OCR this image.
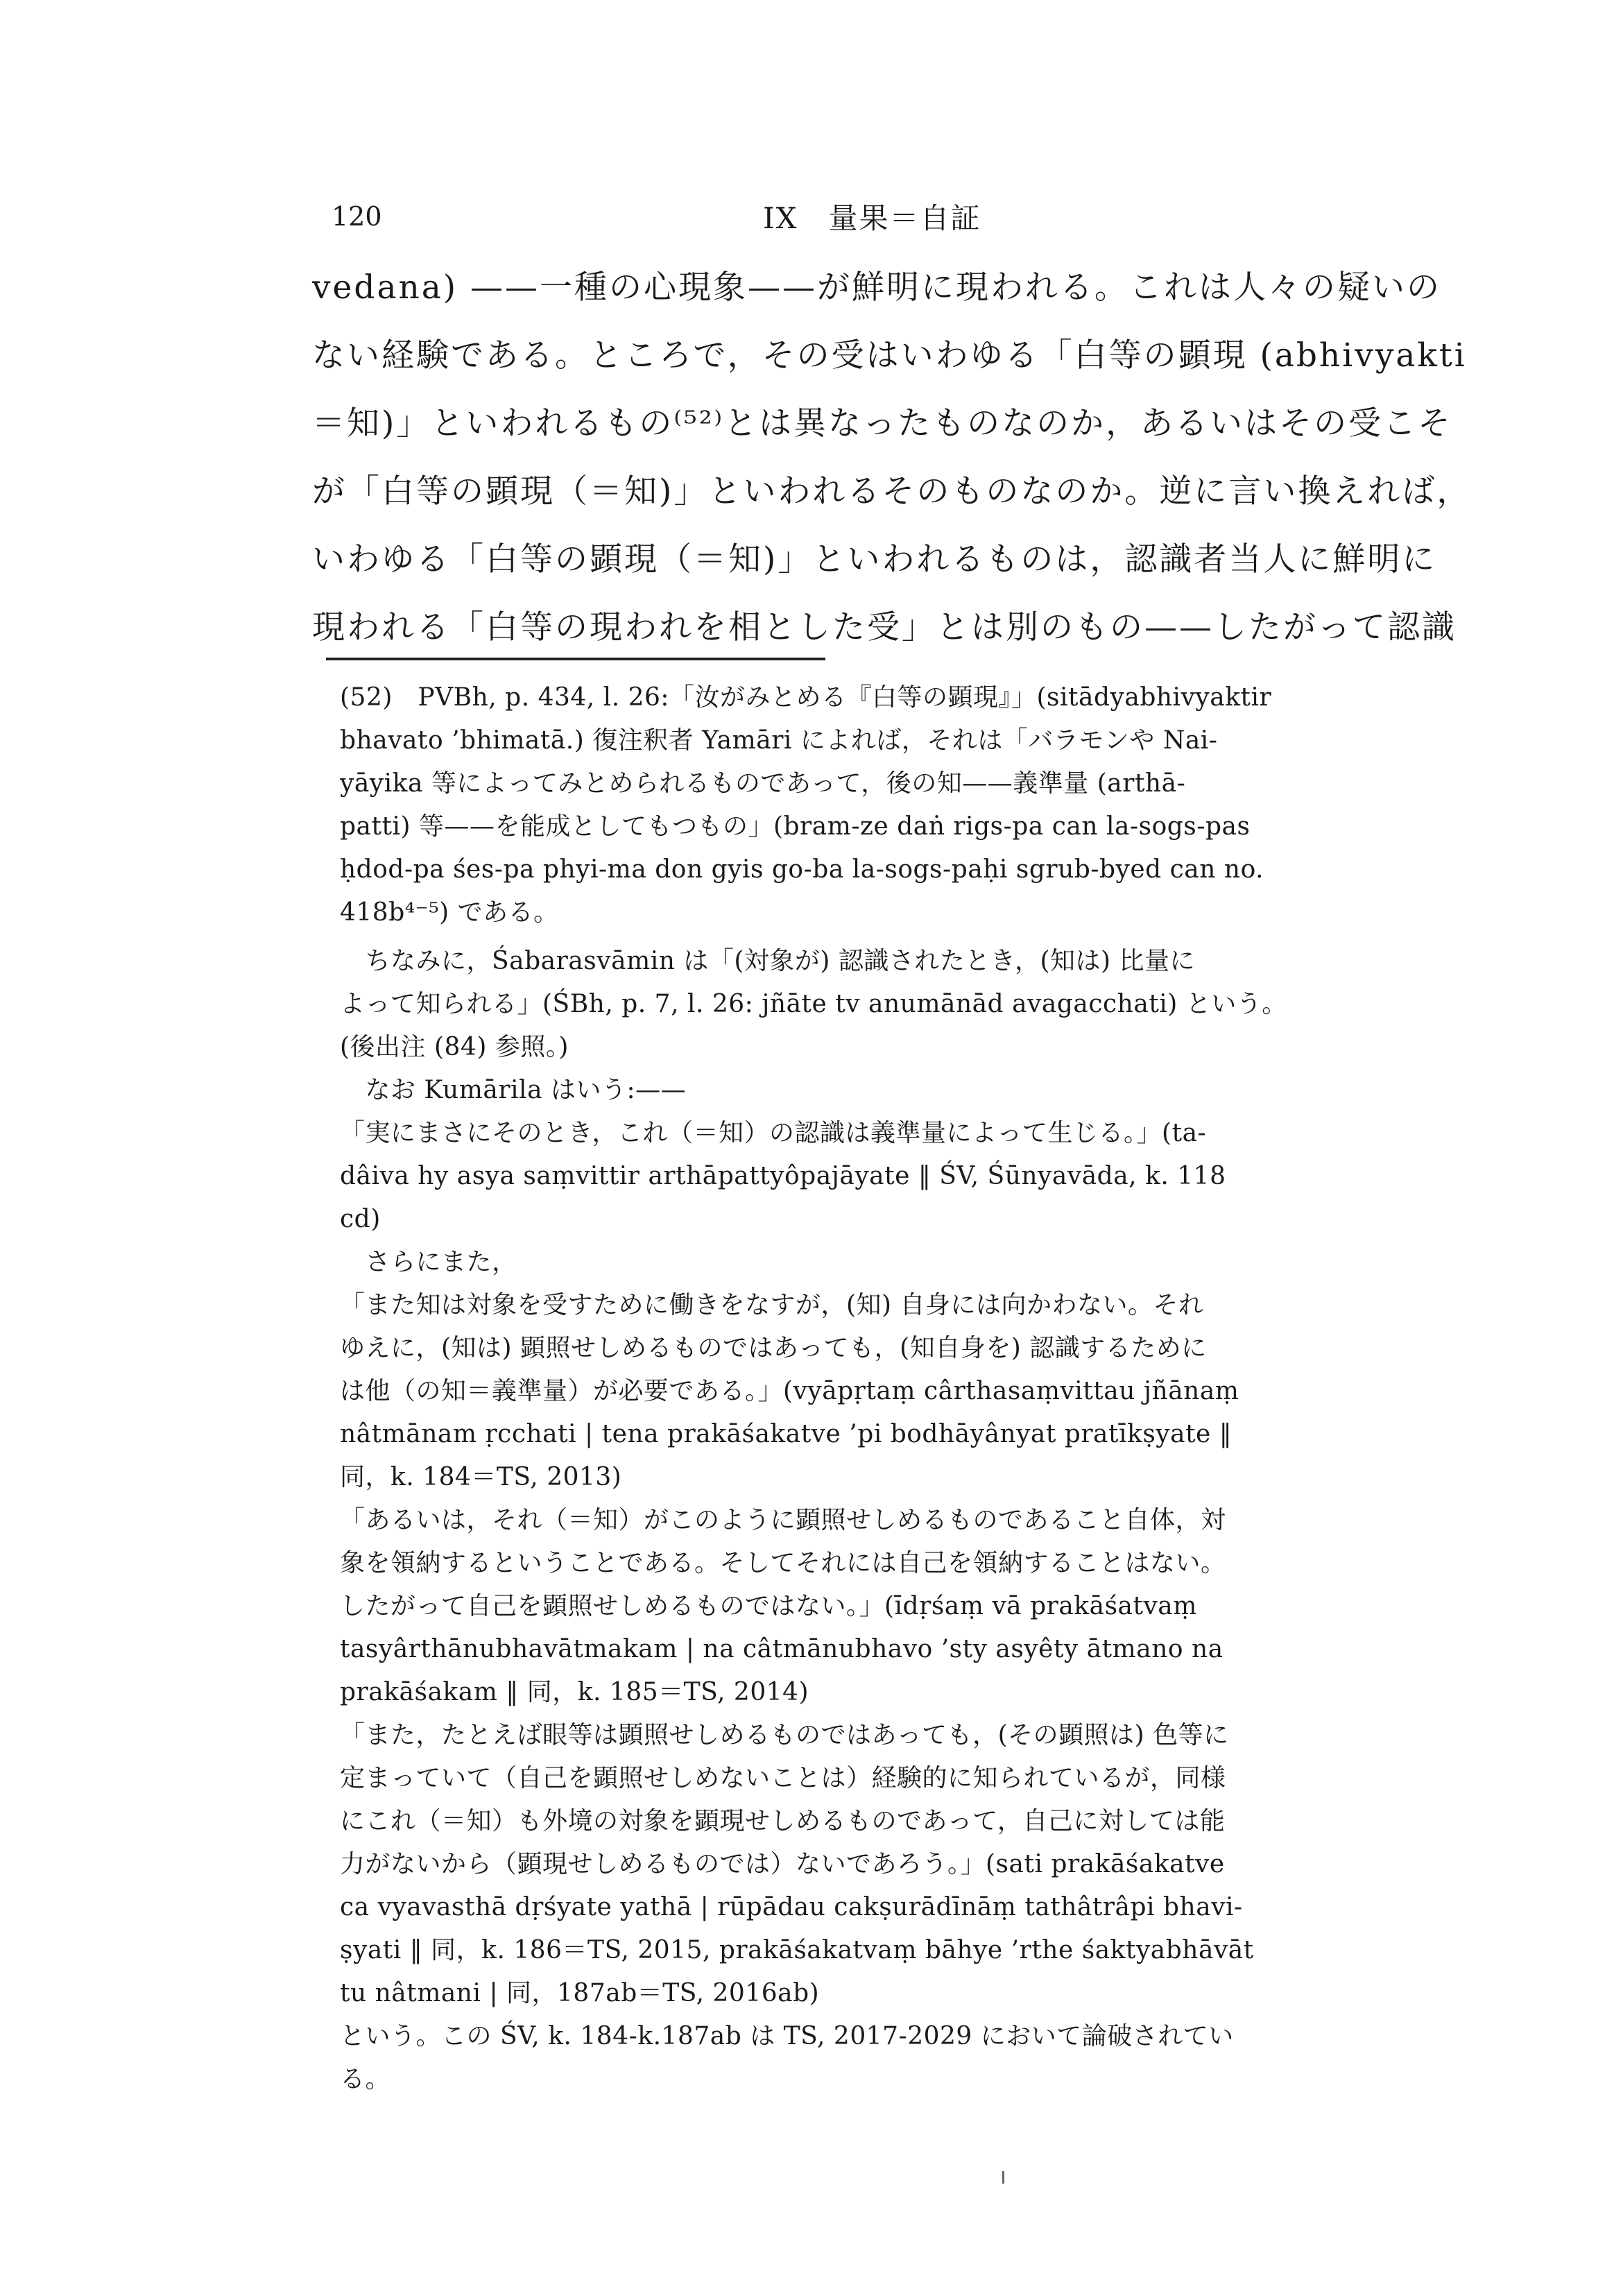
120	IX　量果＝自証
vedana) ——一種の心現象——が鮮明に現われる。これは人々の疑いの
ない経験である。ところで，その受はいわゆる「白等の顕現 (abhivyakti
＝知)」といわれるもの⁽⁵²⁾とは異なったものなのか，あるいはその受こそ
が「白等の顕現（＝知)」といわれるそのものなのか。逆に言い換えれば，
いわゆる「白等の顕現（＝知)」といわれるものは，認識者当人に鮮明に
現われる「白等の現われを相とした受」とは別のもの——したがって認識
(52)　PVBh, p. 434, l. 26:「汝がみとめる『白等の顕現』」(sitādyabhivyaktir
bhavato ’bhimatā.) 復注釈者 Yamāri によれば，それは「バラモンや Nai-
yāyika 等によってみとめられるものであって，後の知——義準量 (arthā-
patti) 等——を能成としてもつもの」(bram-ze daṅ rigs-pa can la-sogs-pas
ḥdod-pa śes-pa phyi-ma don gyis go-ba la-sogs-paḥi sgrub-byed can no.
418b⁴⁻⁵) である。
　ちなみに，Śabarasvāmin は「(対象が) 認識されたとき，(知は) 比量に
よって知られる」(ŚBh, p. 7, l. 26: jñāte tv anumānād avagacchati) という。
(後出注 (84) 参照。)
　なお Kumārila はいう:——
「実にまさにそのとき，これ（＝知）の認識は義準量によって生じる。」(ta-
dâiva hy asya saṃvittir arthāpattyôpajāyate ‖ ŚV, Śūnyavāda, k. 118
cd)
　さらにまた，
「また知は対象を受すために働きをなすが，(知) 自身には向かわない。それ
ゆえに，(知は) 顕照せしめるものではあっても，(知自身を) 認識するために
は他（の知＝義準量）が必要である。」(vyāpṛtaṃ cârthasaṃvittau jñānaṃ
nâtmānam ṛcchati | tena prakāśakatve ’pi bodhāyânyat pratīkṣyate ‖
同，k. 184＝TS, 2013)
「あるいは，それ（＝知）がこのように顕照せしめるものであること自体，対
象を領納するということである。そしてそれには自己を領納することはない。
したがって自己を顕照せしめるものではない。」(īdṛśaṃ vā prakāśatvaṃ
tasyârthānubhavātmakam | na câtmānubhavo ’sty asyêty ātmano na
prakāśakam ‖ 同，k. 185＝TS, 2014)
「また，たとえば眼等は顕照せしめるものではあっても，(その顕照は) 色等に
定まっていて（自己を顕照せしめないことは）経験的に知られているが，同様
にこれ（＝知）も外境の対象を顕現せしめるものであって，自己に対しては能
力がないから（顕現せしめるものでは）ないであろう。」(sati prakāśakatve
ca vyavasthā dṛśyate yathā | rūpādau cakṣurādīnāṃ tathâtrâpi bhavi-
ṣyati ‖ 同，k. 186＝TS, 2015, prakāśakatvaṃ bāhye ’rthe śaktyabhāvāt
tu nâtmani | 同，187ab＝TS, 2016ab)
という。この ŚV, k. 184-k.187ab は TS, 2017-2029 において論破されてい
る。
